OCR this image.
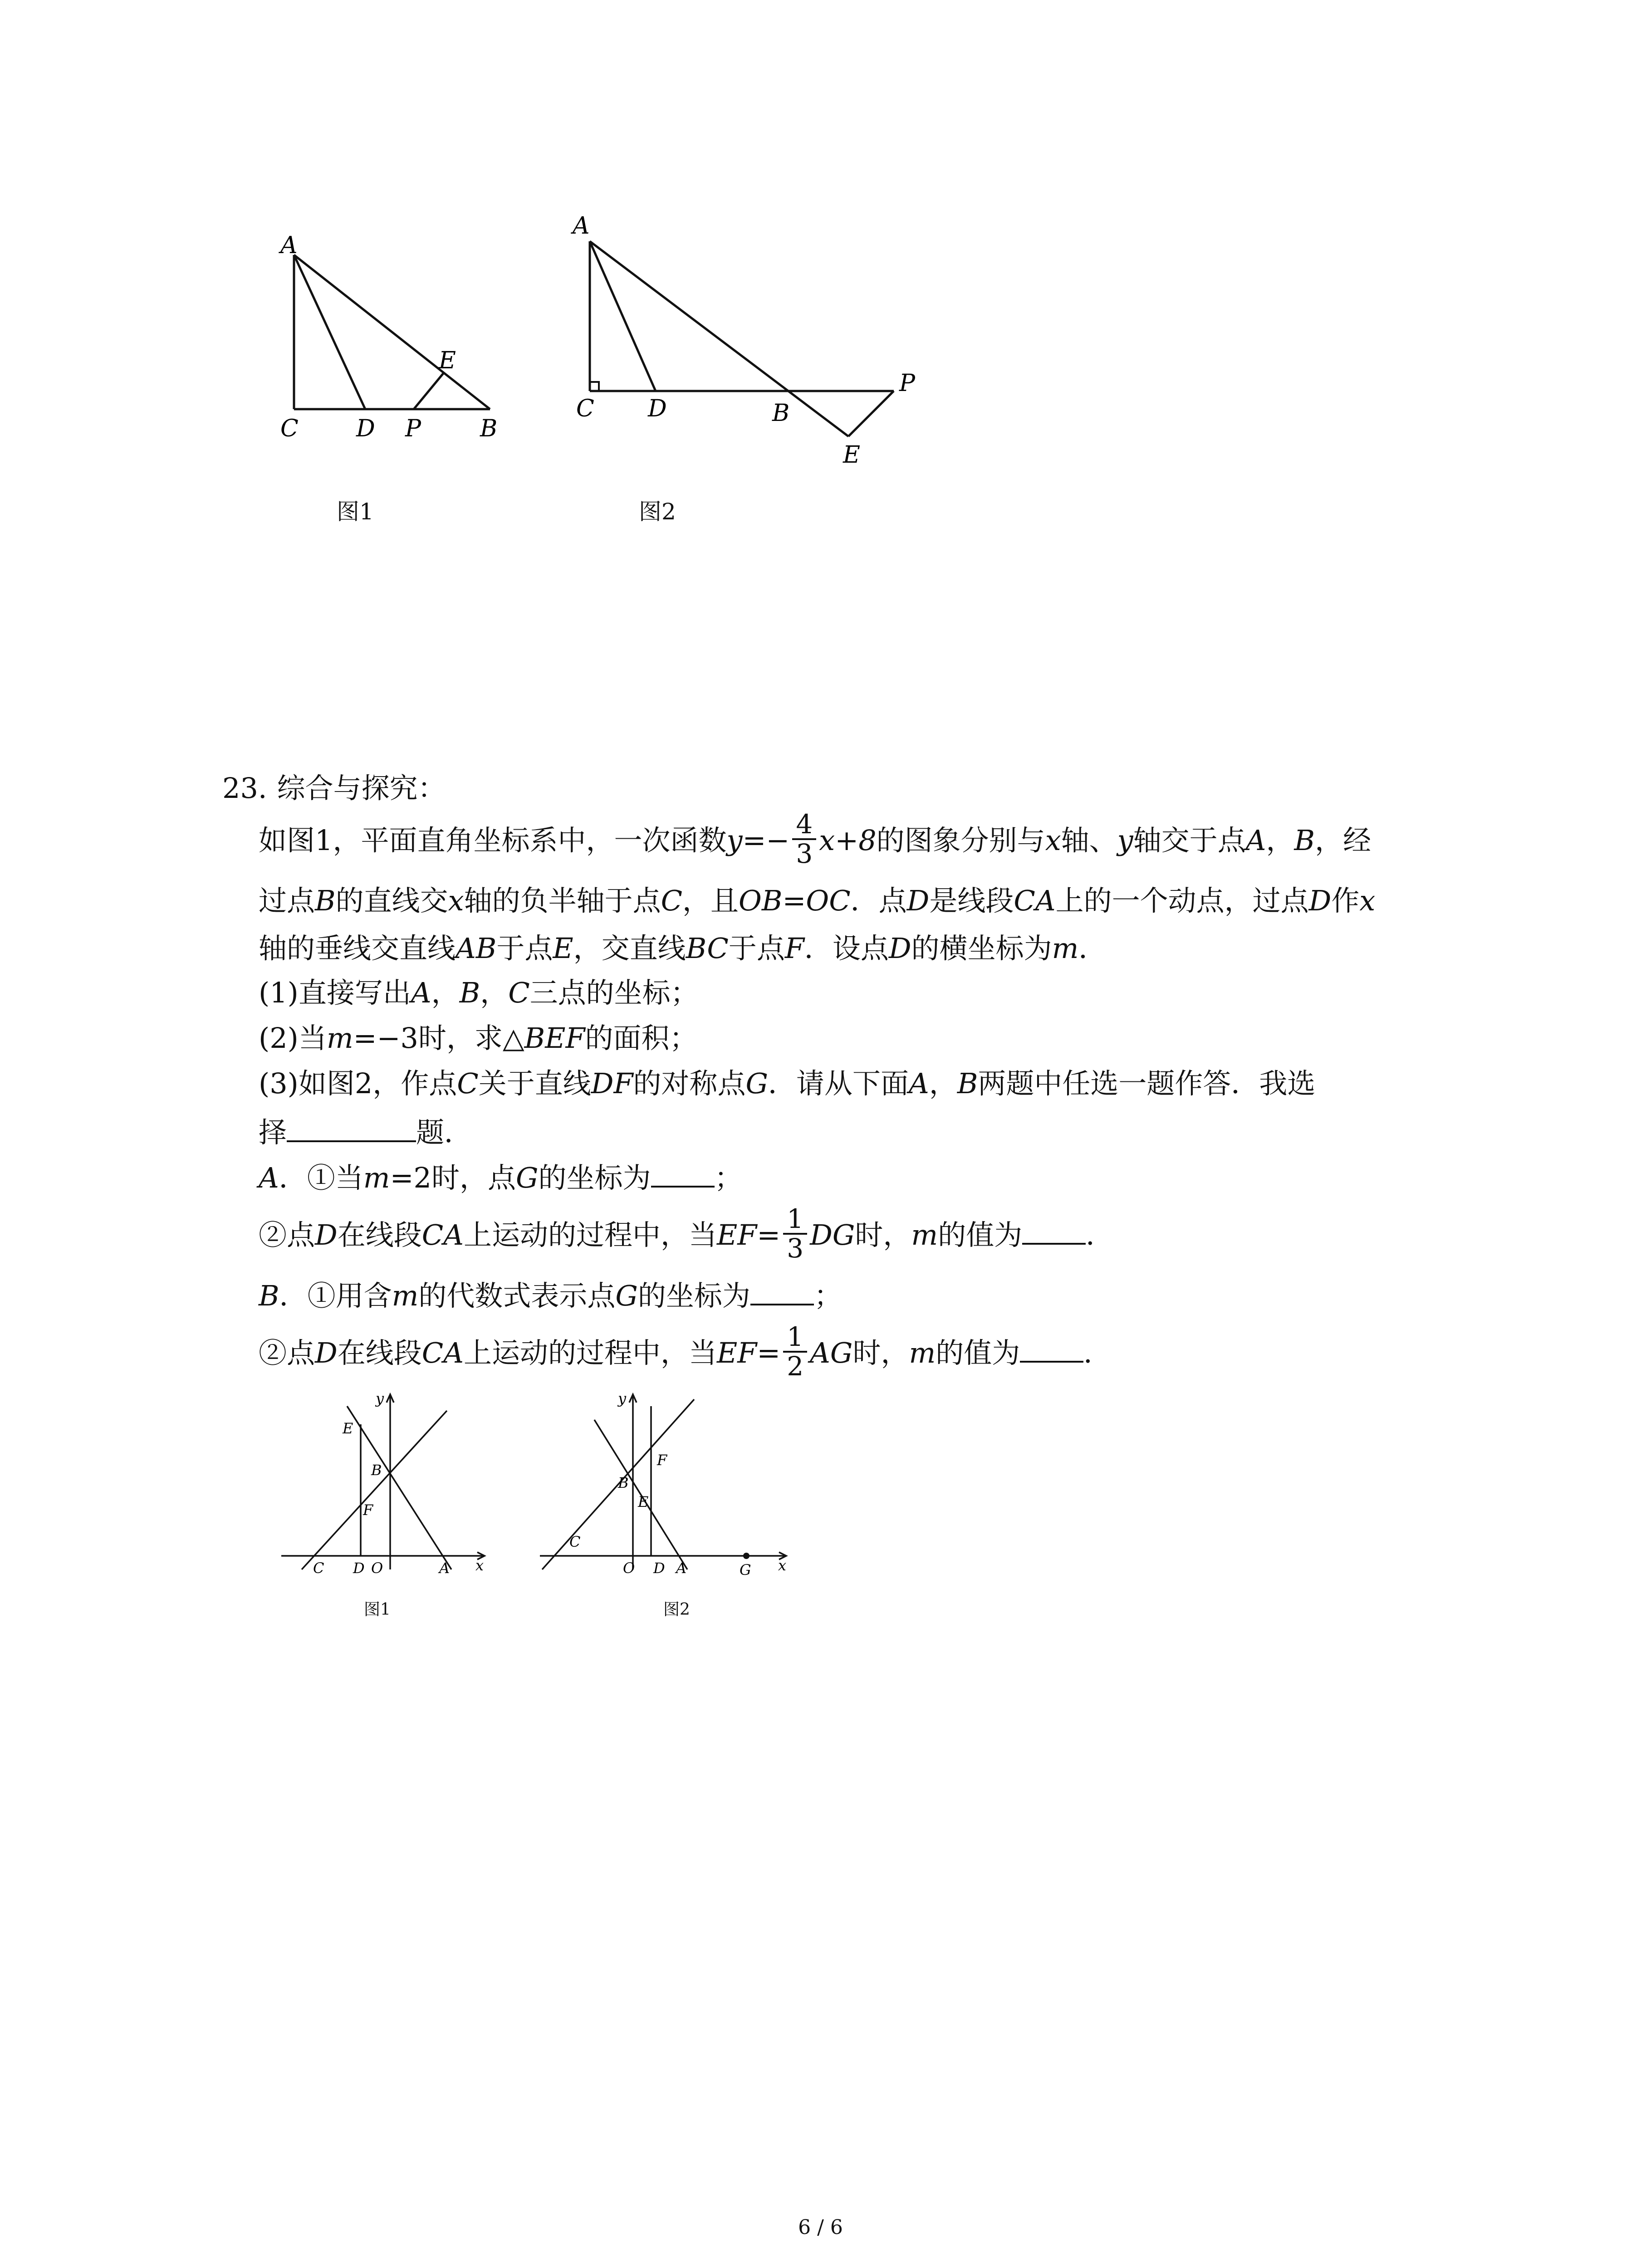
A
C D P	B
E
图1
A
C D	B
P
E
图2
23. 综合与探究：
如图1，平面直角坐标系中，一次函数$y=- \frac{4}{3} x+8$的图象分别与x轴、y轴交于点A，B，经
过点B的直线交x轴的负半轴于点C，且OB=OC．点D是线段CA上的一个动点，过点D作x
轴的垂线交直线AB于点E，交直线BC于点F．设点D的横坐标为m．
(1)直接写出A，B，C三点的坐标；
(2)当m=−3时，求△BEF的面积；
(3)如图2，作点C关于直线DF的对称点G．请从下面A，B两题中任选一题作答．我选
择	题．
A．①当m=2时，点G的坐标为 ；
②点D在线段CA上运动的过程中，当$EF= \frac{1}{3}$ DG时，m的值为 ．
B．①用含m的代数式表示点G的坐标为 ；
②点D在线段CA上运动的过程中，当$EF= \frac{1}{2}$ AG时，m的值为 ．
y
E
B
F
C D O	A x
图1
y
F
B
E
C
O D A	G x
图2
6 / 6
